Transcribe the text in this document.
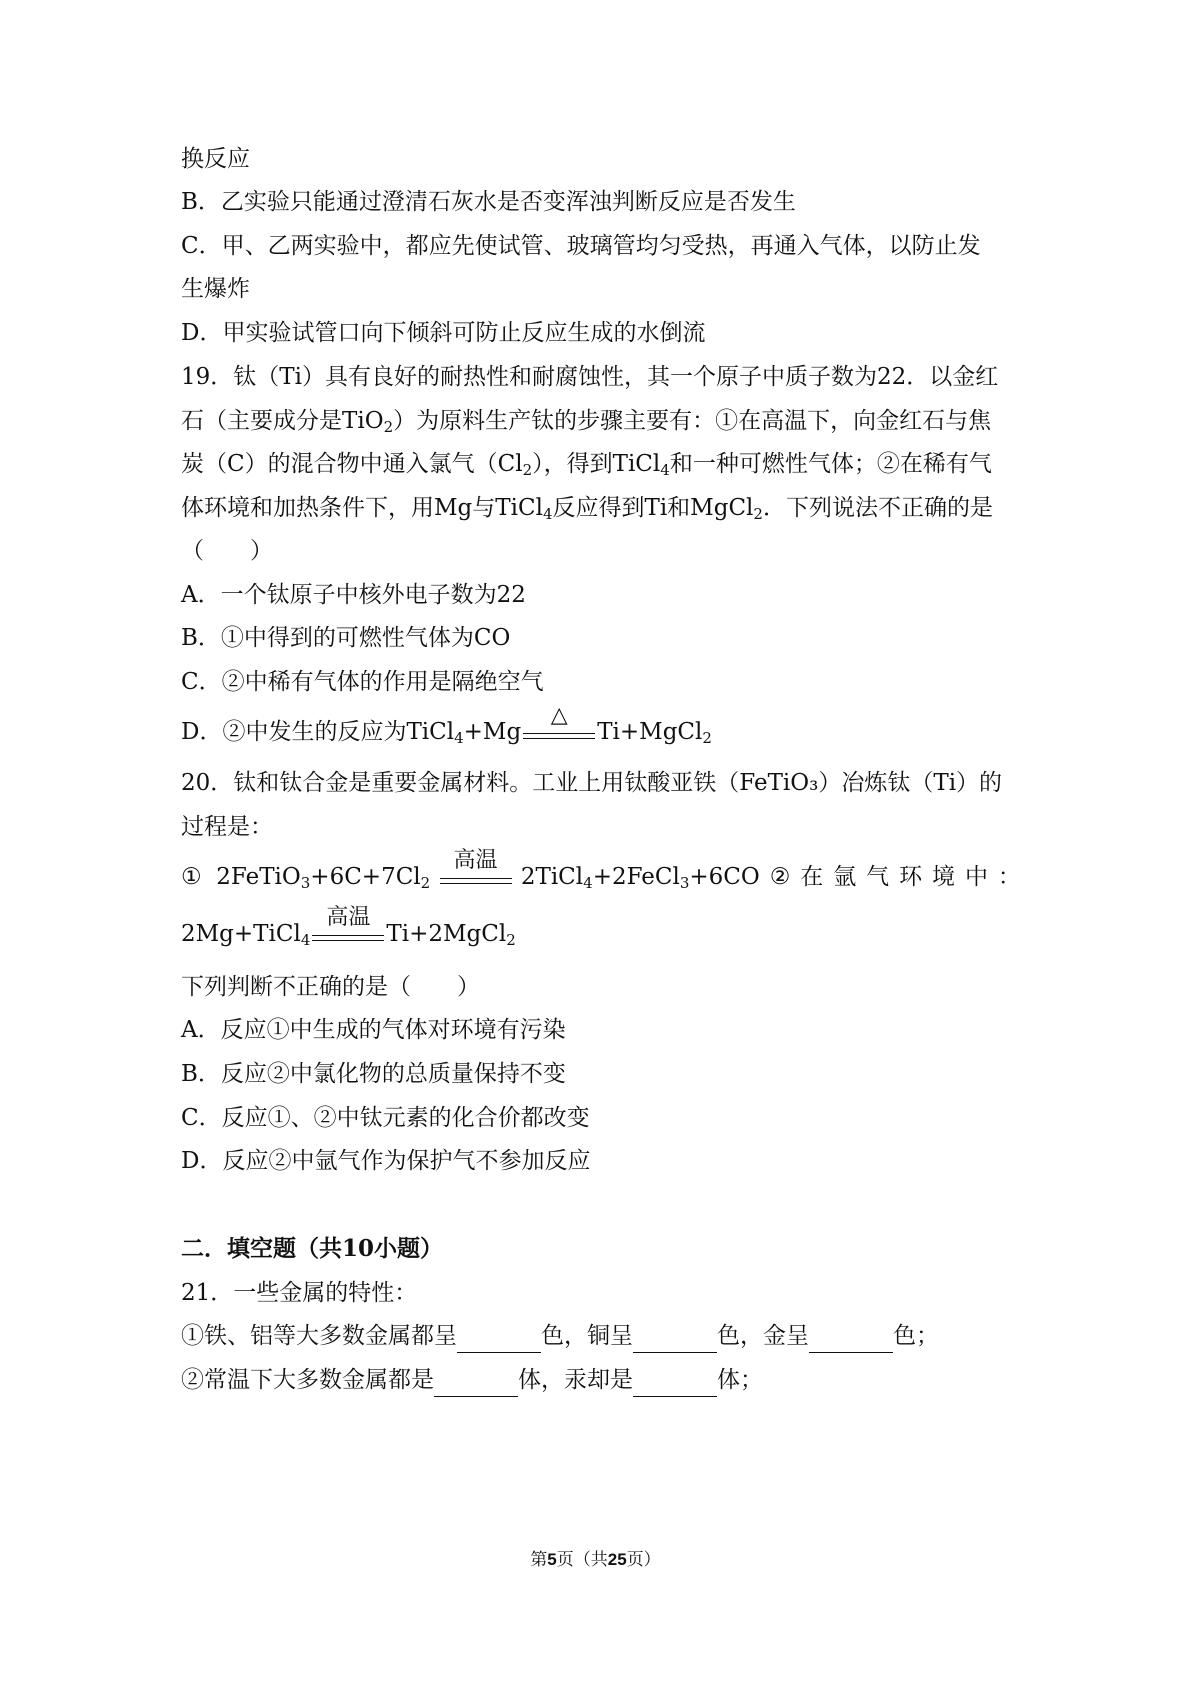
换反应
B．乙实验只能通过澄清石灰水是否变浑浊判断反应是否发生
C．甲、乙两实验中，都应先使试管、玻璃管均匀受热，再通入气体，以防止发
生爆炸
D．甲实验试管口向下倾斜可防止反应生成的水倒流
19．钛（Ti）具有良好的耐热性和耐腐蚀性，其一个原子中质子数为22．以金红
石（主要成分是TiO$_2$）为原料生产钛的步骤主要有：①在高温下，向金红石与焦
炭（C）的混合物中通入氯气$(Cl_2)$，得到TiCl$_4$和一种可燃性气体；②在稀有气
体环境和加热条件下，用Mg与TiCl$_4$反应得到Ti和MgCl$_2$．下列说法不正确的是
（　　）
A．一个钛原子中核外电子数为22
B．①中得到的可燃性气体为CO
C．②中稀有气体的作用是隔绝空气
D．②中发生的反应为TiCl$_4$+Mg
△
Ti+MgCl$_2$
20．钛和钛合金是重要金属材料。工业上用钛酸亚铁（FeTiO₃）冶炼钛（Ti）的
过程是：
① $2FeTiO_3+6C+7Cl_2$
高温
2TiCl$_4$+2FeCl$_3$+6CO ② 在 氩 气 环 境 中 ：
2Mg+TiCl$_4$
高温
Ti+2MgCl$_2$
下列判断不正确的是（　　）
A．反应①中生成的气体对环境有污染
B．反应②中氯化物的总质量保持不变
C．反应①、②中钛元素的化合价都改变
D．反应②中氩气作为保护气不参加反应
二．填空题（共10小题）
21．一些金属的特性：
①铁、铝等大多数金属都呈	色，铜呈	色，金呈	色；
②常温下大多数金属都是	体，汞却是	体；
第5页（共25页）
